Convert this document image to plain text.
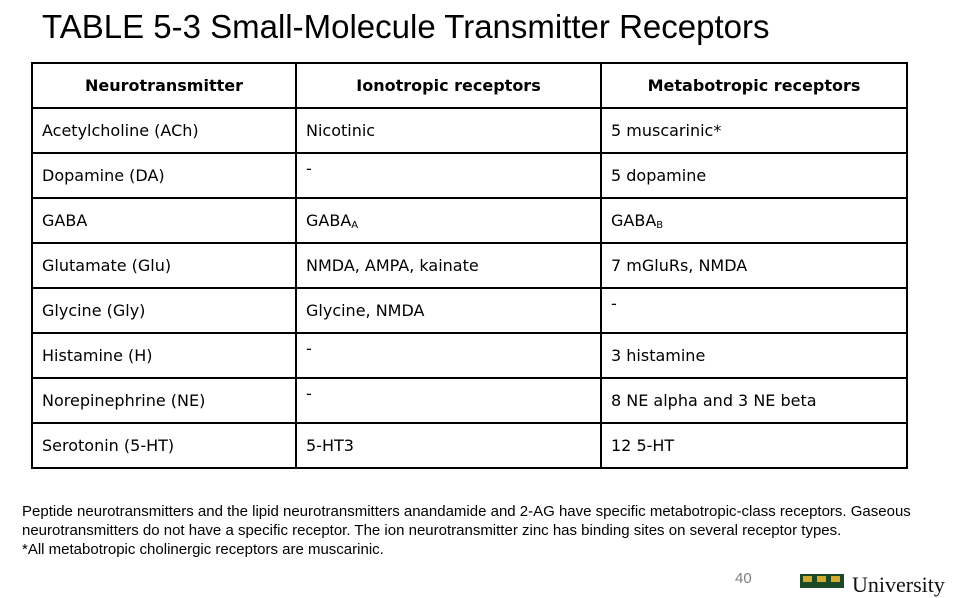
TABLE 5-3 Small-Molecule Transmitter Receptors
Neurotransmitter	Ionotropic receptors	Metabotropic receptors
Acetylcholine (ACh)	Nicotinic	5 muscarinic*
Dopamine (DA)	-	5 dopamine
GABA	$GABA_A$	$GABA_B$
Glutamate (Glu)	NMDA, AMPA, kainate	7 mGluRs, NMDA
Glycine (Gly)	Glycine, NMDA	-
Histamine (H)	-	3 histamine
Norepinephrine (NE)	-	8 NE alpha and 3 NE beta
Serotonin (5-HT)	5-HT3	12 5-HT

Peptide neurotransmitters and the lipid neurotransmitters anandamide and 2-AG have specific metabotropic-class receptors. Gaseous neurotransmitters do not have a specific receptor. The ion neurotransmitter zinc has binding sites on several receptor types.

*All metabotropic cholinergic receptors are muscarinic.

40	University
